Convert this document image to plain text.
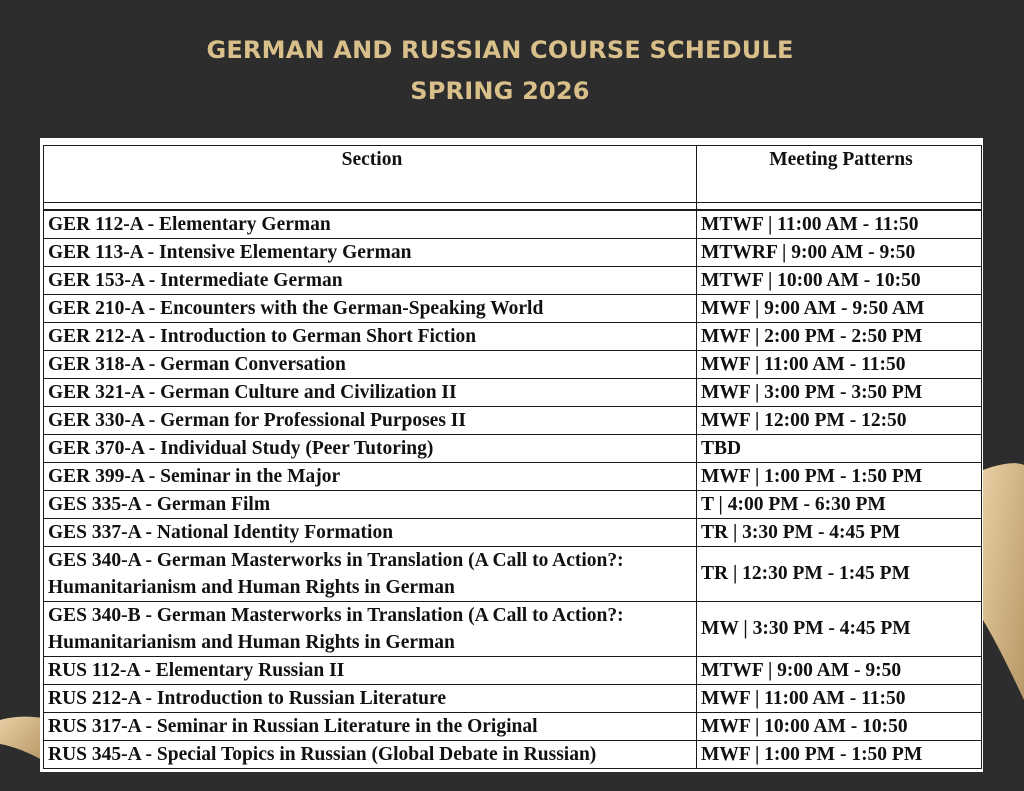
GERMAN AND RUSSIAN COURSE SCHEDULE
SPRING 2026
Section	Meeting Patterns

GER 112-A - Elementary German	MTWF | 11:00 AM - 11:50
GER 113-A - Intensive Elementary German	MTWRF | 9:00 AM - 9:50
GER 153-A - Intermediate German	MTWF | 10:00 AM - 10:50
GER 210-A - Encounters with the German-Speaking World	MWF | 9:00 AM - 9:50 AM
GER 212-A - Introduction to German Short Fiction	MWF | 2:00 PM - 2:50 PM
GER 318-A - German Conversation	MWF | 11:00 AM - 11:50
GER 321-A - German Culture and Civilization II	MWF | 3:00 PM - 3:50 PM
GER 330-A - German for Professional Purposes II	MWF | 12:00 PM - 12:50
GER 370-A - Individual Study (Peer Tutoring)	TBD
GER 399-A - Seminar in the Major	MWF | 1:00 PM - 1:50 PM
GES 335-A - German Film	T | 4:00 PM - 6:30 PM
GES 337-A - National Identity Formation	TR | 3:30 PM - 4:45 PM
GES 340-A - German Masterworks in Translation (A Call to Action?: Humanitarianism and Human Rights in German	TR | 12:30 PM - 1:45 PM
GES 340-B - German Masterworks in Translation (A Call to Action?: Humanitarianism and Human Rights in German	MW | 3:30 PM - 4:45 PM
RUS 112-A - Elementary Russian II	MTWF | 9:00 AM - 9:50
RUS 212-A - Introduction to Russian Literature	MWF | 11:00 AM - 11:50
RUS 317-A - Seminar in Russian Literature in the Original	MWF | 10:00 AM - 10:50
RUS 345-A - Special Topics in Russian (Global Debate in Russian)	MWF | 1:00 PM - 1:50 PM
